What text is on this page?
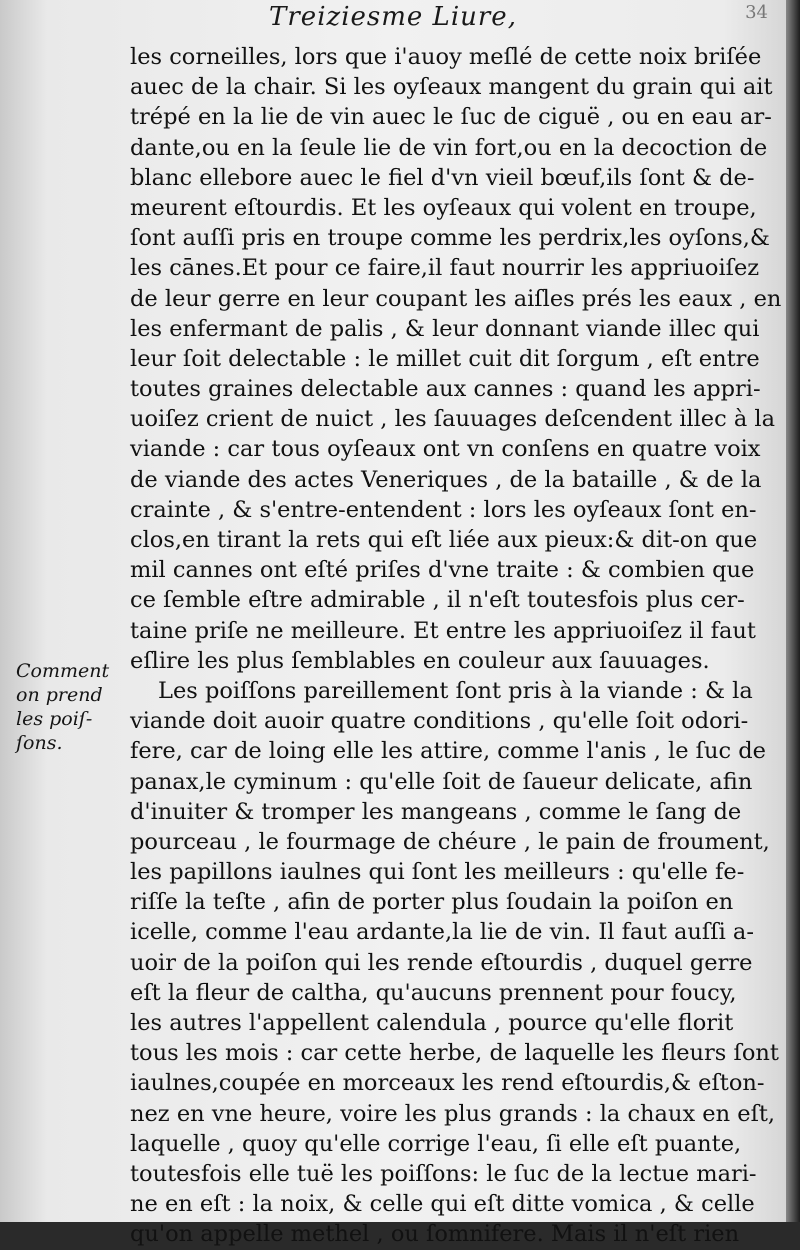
Treiziesme Liure,	34
Comment
on prend
les poiſ-
ſons.
les corneilles, lors que i'auoy meſlé de cette noix briſée
auec de la chair. Si les oyſeaux mangent du grain qui ait
trépé en la lie de vin auec le ſuc de ciguë , ou en eau ar-
dante,ou en la ſeule lie de vin fort,ou en la decoction de
blanc ellebore auec le fiel d'vn vieil bœuf,ils ſont & de-
meurent eſtourdis. Et les oyſeaux qui volent en troupe,
ſont auſſi pris en troupe comme les perdrix,les oyſons,&
les cānes.Et pour ce faire,il faut nourrir les appriuoiſez
de leur gerre en leur coupant les aiſles prés les eaux , en
les enfermant de palis , & leur donnant viande illec qui
leur ſoit delectable : le millet cuit dit ſorgum , eſt entre
toutes graines delectable aux cannes : quand les appri-
uoiſez crient de nuict , les ſauuages deſcendent illec à la
viande : car tous oyſeaux ont vn conſens en quatre voix
de viande des actes Veneriques , de la bataille , & de la
crainte , & s'entre-entendent : lors les oyſeaux ſont en-
clos,en tirant la rets qui eſt liée aux pieux:& dit-on que
mil cannes ont eſté priſes d'vne traite : & combien que
ce ſemble eſtre admirable , il n'eſt toutesfois plus cer-
taine priſe ne meilleure. Et entre les appriuoiſez il faut
eſlire les plus ſemblables en couleur aux ſauuages.
Les poiſſons pareillement ſont pris à la viande : & la
viande doit auoir quatre conditions , qu'elle ſoit odori-
fere, car de loing elle les attire, comme l'anis , le ſuc de
panax,le cyminum : qu'elle ſoit de ſaueur delicate, afin
d'inuiter & tromper les mangeans , comme le ſang de
pourceau , le fourmage de chéure , le pain de froument,
les papillons iaulnes qui ſont les meilleurs : qu'elle fe-
riſſe la teſte , afin de porter plus ſoudain la poiſon en
icelle, comme l'eau ardante,la lie de vin. Il faut auſſi a-
uoir de la poiſon qui les rende eſtourdis , duquel gerre
eſt la fleur de caltha, qu'aucuns prennent pour foucy,
les autres l'appellent calendula , pource qu'elle florit
tous les mois : car cette herbe, de laquelle les fleurs ſont
iaulnes,coupée en morceaux les rend eſtourdis,& eſton-
nez en vne heure, voire les plus grands : la chaux en eſt,
laquelle , quoy qu'elle corrige l'eau, ſi elle eſt puante,
toutesfois elle tuë les poiſſons: le ſuc de la lectue mari-
ne en eſt : la noix, & celle qui eſt ditte vomica , & celle
qu'on appelle methel , ou ſomnifere. Mais il n'eſt rien
